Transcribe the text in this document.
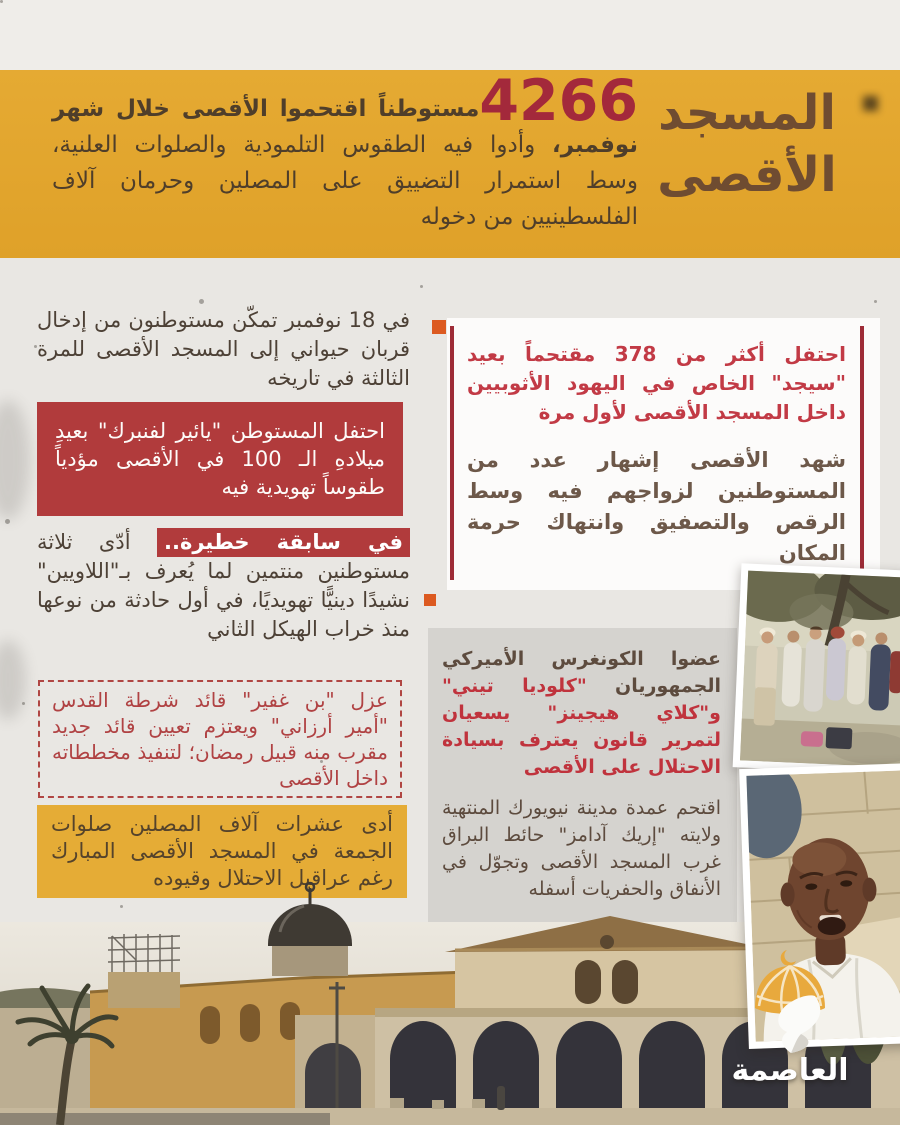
المسجد
الأقصى

4266مستوطناً اقتحموا الأقصى خلال شهر نوفمبر، وأدوا فيه الطقوس التلمودية والصلوات العلنية، وسط استمرار التضييق على المصلين وحرمان آلاف الفلسطينيين من دخوله

في 18 نوفمبر تمكّن مستوطنون من إدخال قربان حيواني إلى المسجد الأقصى للمرة الثالثة في تاريخه

احتفل المستوطن "يائير لفنبرك" بعيدِ ميلادهِ الـ 100 في الأقصى مؤدياً طقوساً تهويدية فيه

في سابقة خطيرة.. أدّى ثلاثة مستوطنين منتمين لما يُعرف بـ"اللاويين" نشيدًا دينيًّا تهويديًا، في أول حادثة من نوعها منذ خراب الهيكل الثاني

عزل "بن غفير" قائد شرطة القدس "أمير أرزاني" ويعتزم تعيين قائد جديد مقرب منه قبيل رمضان؛ لتنفيذ مخططاته داخل الأقصى
أدى عشرات آلاف المصلين صلوات الجمعة في المسجد الأقصى المبارك رغم عراقيل الاحتلال وقيوده

احتفل أكثر من 378 مقتحماً بعيد "سيجد" الخاص في اليهود الأثوبيين داخل المسجد الأقصى لأول مرة

شهد الأقصى إشهار عدد من المستوطنين لزواجهم فيه وسط الرقص والتصفيق وانتهاك حرمة المكان

عضوا الكونغرس الأميركي الجمهوريان "كلوديا تيني" و"كلاي هيجينز" يسعيان لتمرير قانون يعترف بسيادة الاحتلال على الأقصى

اقتحم عمدة مدينة نيويورك المنتهية ولايته "إريك آدامز" حائط البراق غرب المسجد الأقصى وتجوّل في الأنفاق والحفريات أسفله

العاصمة
